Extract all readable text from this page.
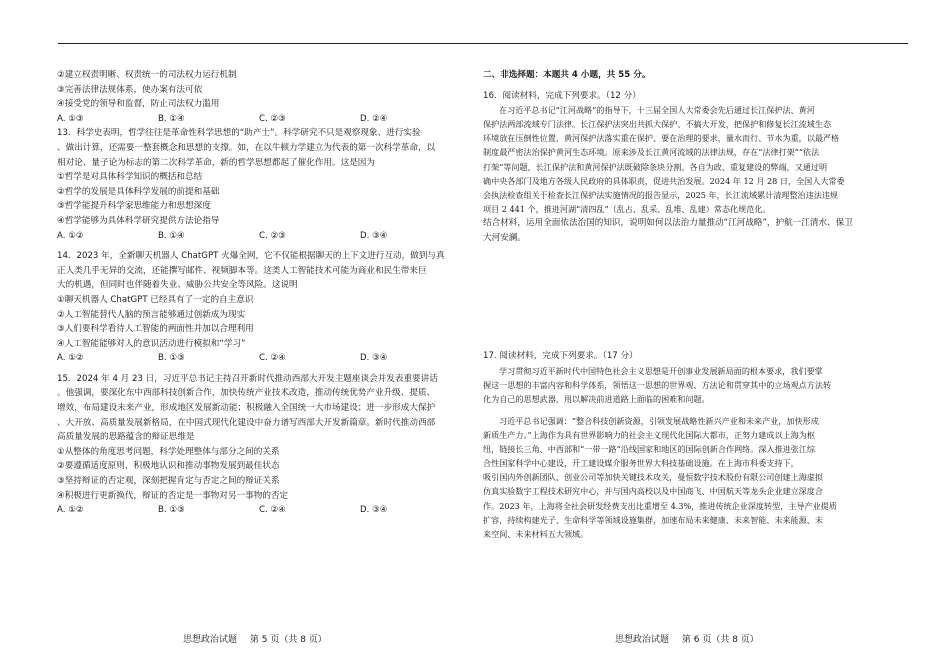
②建立权责明晰、权责统一的司法权力运行机制
③完善法律法规体系，使办案有法可依
④接受党的领导和监督，防止司法权力滥用
A. ①③	B. ①④	C. ②③	D. ②④
13．科学史表明，哲学往往是革命性科学思想的“助产士”。科学研究不只是观察现象、进行实验
、做出计算，还需要一整套概念和思想的支撑。如，在以牛顿力学建立为代表的第一次科学革命，以
相对论、量子论为标志的第二次科学革命，新的哲学思想都起了催化作用。这是因为
①哲学是对具体科学知识的概括和总结
②哲学的发展是具体科学发展的前提和基础
③哲学能提升科学家思维能力和思想深度
④哲学能够为具体科学研究提供方法论指导
A. ①②	B. ①④	C. ②③	D. ③④
14．2023 年，全新聊天机器人 ChatGPT 火爆全网，它不仅能根据聊天的上下文进行互动，做到与真
正人类几乎无异的交流，还能撰写邮件、视频脚本等。这类人工智能技术可能为商业和民生带来巨
大的机遇，但同时也伴随着失业、威胁公共安全等风险。这说明
①聊天机器人 ChatGPT 已经具有了一定的自主意识
②人工智能替代人脑的预言能够通过创新成为现实
③人们要科学看待人工智能的两面性并加以合理利用
④人工智能能够对人的意识活动进行模拟和“学习”
A. ①②	B. ①③	C. ②④	D. ③④
15．2024 年 4 月 23 日，习近平总书记主持召开新时代推动西部大开发主题座谈会并发表重要讲话
。他强调，要深化东中西部科技创新合作，加快传统产业技术改造，推动传统优势产业升级、提质、
增效，布局建设未来产业，形成地区发展新动能；积极融入全国统一大市场建设；进一步形成大保护
、大开放、高质量发展新格局，在中国式现代化建设中奋力谱写西部大开发新篇章。新时代推动西部
高质量发展的思路蕴含的辩证思维是
①从整体的角度思考问题，科学处理整体与部分之间的关系
②要遵循适度原则，积极地认识和推动事物发展到最佳状态
③坚持辩证的否定观，深刻把握肯定与否定之间的辩证关系
④积极进行更新换代，辩证的否定是一事物对另一事物的否定
A. ①②	B. ①③	C. ②④	D. ③④
二、非选择题：本题共 4 小题，共 55 分。
16．阅读材料，完成下列要求。（12 分）
在习近平总书记“江河战略”的指导下，十三届全国人大常委会先后通过长江保护法、黄河
保护法两部流域专门法律。长江保护法突出共抓大保护、不搞大开发，把保护和修复长江流域生态
环境放在压倒性位置，黄河保护法落实重在保护、要在治理的要求，量水而行、节水为重，以最严格
制度最严密法治保护黄河生态环境。原来涉及长江黄河流域的法律法规，存在“法律打架”“依法
打架”等问题，长江保护法和黄河保护法既破除条块分割、各自为政、重复建设的弊端，又通过明
确中央各部门及地方各级人民政府的具体职责，促进共治发展。2024 年 12 月 28 日，全国人大常委
会执法检查组关于检查长江保护法实施情况的报告显示，2025 年，长江流域累计清理整治违法违规
项目 2 441 个，推进河湖“清四乱”（乱占、乱采、乱堆、乱建）常态化规范化。
结合材料，运用全面依法治国的知识，说明如何以法治力量推动“江河战略”，护航一江清水、保卫
大河安澜。
17. 阅读材料，完成下列要求。（17 分）
学习贯彻习近平新时代中国特色社会主义思想是开创事业发展新局面的根本要求，我们要掌
握这一思想的丰富内容和科学体系，领悟这一思想的世界观、方法论和贯穿其中的立场观点方法转
化为自己的思想武器，用以解决前进道路上面临的困难和问题。
习近平总书记强调：“整合科技创新资源，引领发展战略性新兴产业和未来产业，加快形成
新质生产力。”上海作为具有世界影响力的社会主义现代化国际大都市，正努力建成以上海为枢
纽，链接长三角、中西部和“一带一路”沿线国家和地区的国际创新合作网络。深入推进张江综
合性国家科学中心建设，开工建设媒介服务世界大科技基础设施。在上海市科委支持下，
吸引国内外创新团队、创业公司等加快关键技术攻关，曼恒数字技术股份有限公司创建上海虚拟
仿真实验数字工程技术研究中心，并与国内高校以及中国商飞、中国航天等龙头企业建立深度合
作。2023 年，上海将全社会研发经费支出比重增至 4.3%，推进传统企业深度转型，主导产业提质
扩容，持续构建光子、生命科学等领域设施集群，加速布局未来健康、未来智能、未来能源、未
来空间、未来材料五大领域。
思想政治试题 第 5 页（共 8 页）	思想政治试题 第 6 页（共 8 页）
